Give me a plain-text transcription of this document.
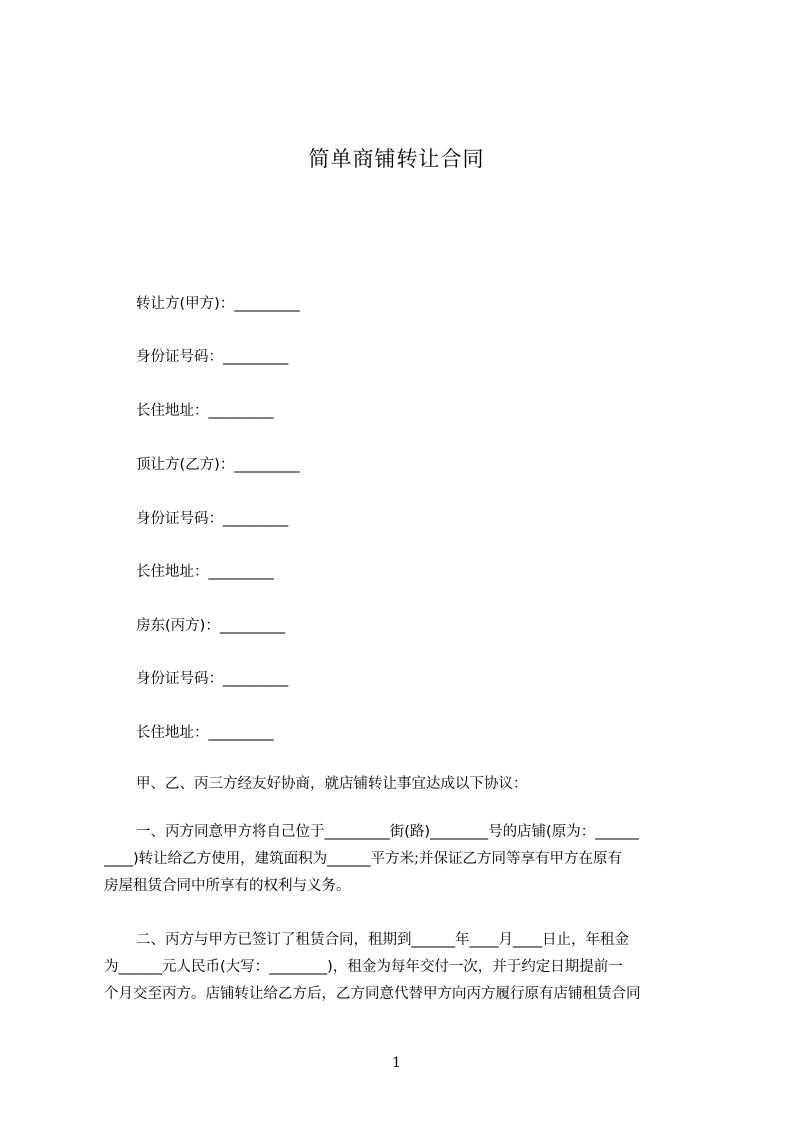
简单商铺转让合同
转让方(甲方)：_________
身份证号码：_________
长住地址：_________
顶让方(乙方)：_________
身份证号码：_________
长住地址：_________
房东(丙方)：_________
身份证号码：_________
长住地址：_________
甲、乙、丙三方经友好协商，就店铺转让事宜达成以下协议：
一、丙方同意甲方将自己位于_________街(路)________号的店铺(原为：______
____)转让给乙方使用，建筑面积为______平方米;并保证乙方同等享有甲方在原有
房屋租赁合同中所享有的权利与义务。
二、丙方与甲方已签订了租赁合同，租期到______年____月____日止，年租金
为______元人民币(大写：________)，租金为每年交付一次，并于约定日期提前一
个月交至丙方。店铺转让给乙方后，乙方同意代替甲方向丙方履行原有店铺租赁合同
1
